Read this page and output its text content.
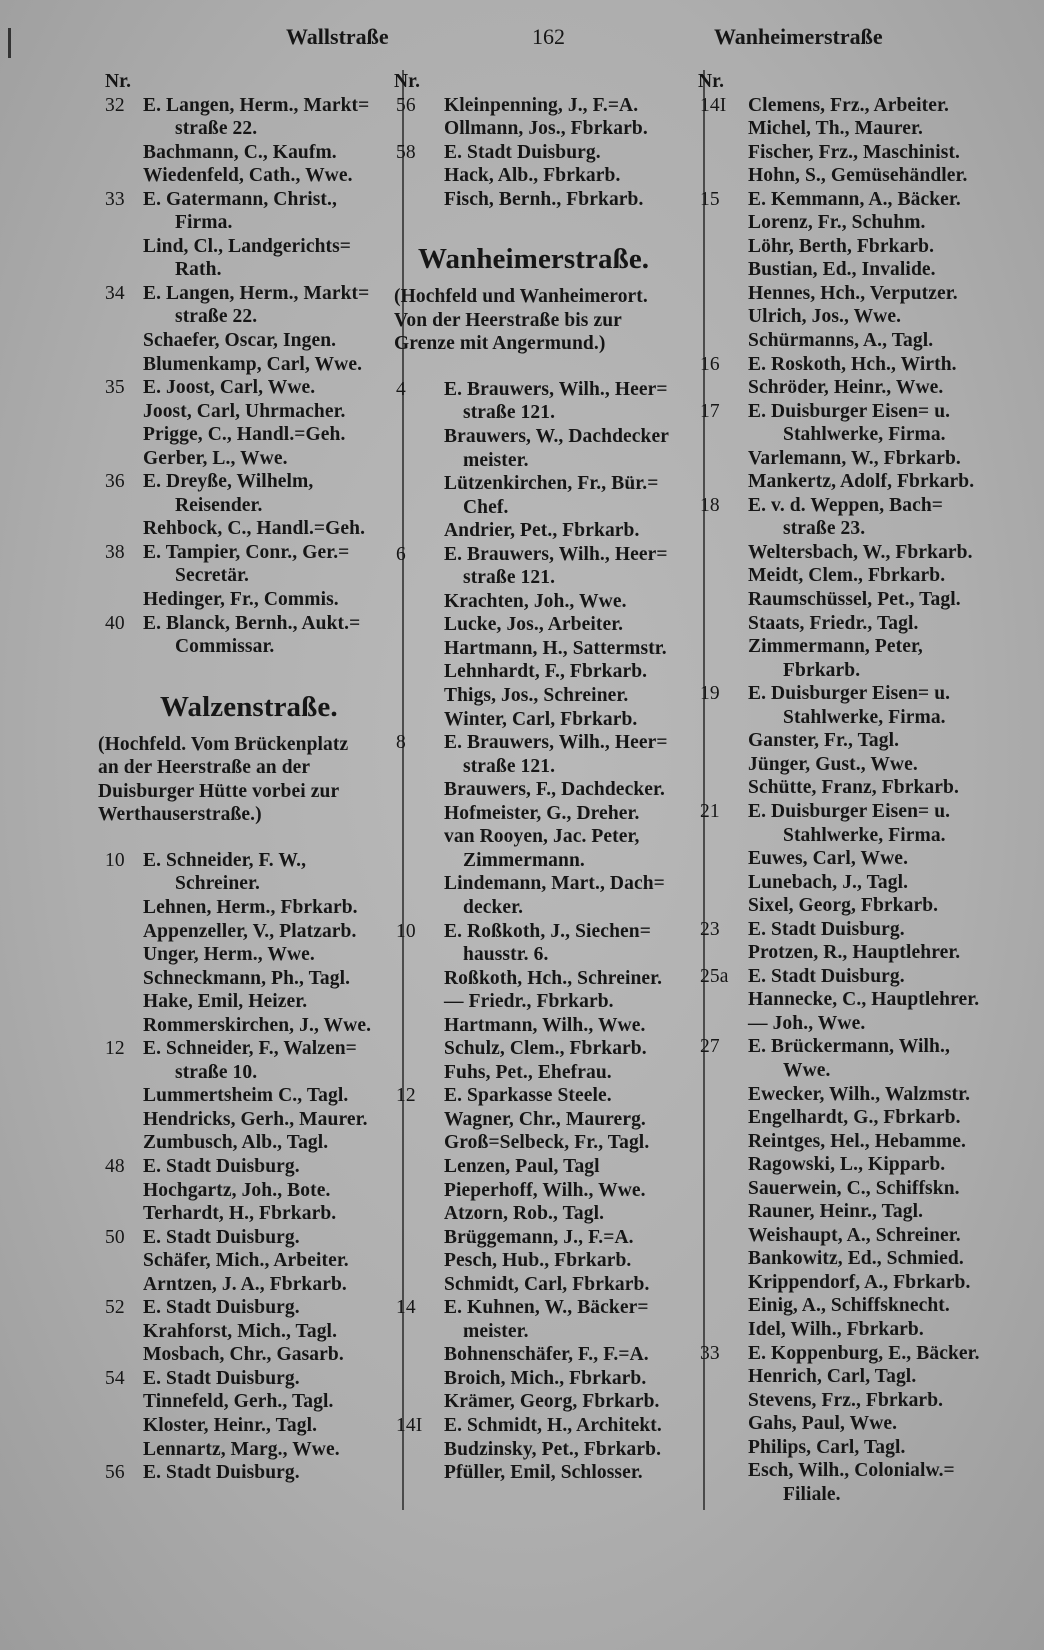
Wallstraße	162	Wanheimerstraße
Nr.
32 E. Langen, Herm., Markt=
straße 22.
Bachmann, C., Kaufm.
Wiedenfeld, Cath., Wwe.
33 E. Gatermann, Christ.,
Firma.
Lind, Cl., Landgerichts=
Rath.
34 E. Langen, Herm., Markt=
straße 22.
Schaefer, Oscar, Ingen.
Blumenkamp, Carl, Wwe.
35 E. Joost, Carl, Wwe.
Joost, Carl, Uhrmacher.
Prigge, C., Handl.=Geh.
Gerber, L., Wwe.
36 E. Dreyße, Wilhelm,
Reisender.
Rehbock, C., Handl.=Geh.
38 E. Tampier, Conr., Ger.=
Secretär.
Hedinger, Fr., Commis.
40 E. Blanck, Bernh., Aukt.=
Commissar.
Walzenstraße.
(Hochfeld. Vom Brückenplatz
an der Heerstraße an der
Duisburger Hütte vorbei zur
Werthauserstraße.)
10 E. Schneider, F. W.,
Schreiner.
Lehnen, Herm., Fbrkarb.
Appenzeller, V., Platzarb.
Unger, Herm., Wwe.
Schneckmann, Ph., Tagl.
Hake, Emil, Heizer.
Rommerskirchen, J., Wwe.
12 E. Schneider, F., Walzen=
straße 10.
Lummertsheim C., Tagl.
Hendricks, Gerh., Maurer.
Zumbusch, Alb., Tagl.
48 E. Stadt Duisburg.
Hochgartz, Joh., Bote.
Terhardt, H., Fbrkarb.
50 E. Stadt Duisburg.
Schäfer, Mich., Arbeiter.
Arntzen, J. A., Fbrkarb.
52 E. Stadt Duisburg.
Krahforst, Mich., Tagl.
Mosbach, Chr., Gasarb.
54 E. Stadt Duisburg.
Tinnefeld, Gerh., Tagl.
Kloster, Heinr., Tagl.
Lennartz, Marg., Wwe.
56 E. Stadt Duisburg.
Nr.
56 Kleinpenning, J., F.=A.
Ollmann, Jos., Fbrkarb.
58 E. Stadt Duisburg.
Hack, Alb., Fbrkarb.
Fisch, Bernh., Fbrkarb.
Wanheimerstraße.
(Hochfeld und Wanheimerort.
Von der Heerstraße bis zur
Grenze mit Angermund.)
4 E. Brauwers, Wilh., Heer=
straße 121.
Brauwers, W., Dachdecker
meister.
Lützenkirchen, Fr., Bür.=
Chef.
Andrier, Pet., Fbrkarb.
6 E. Brauwers, Wilh., Heer=
straße 121.
Krachten, Joh., Wwe.
Lucke, Jos., Arbeiter.
Hartmann, H., Sattermstr.
Lehnhardt, F., Fbrkarb.
Thigs, Jos., Schreiner.
Winter, Carl, Fbrkarb.
8 E. Brauwers, Wilh., Heer=
straße 121.
Brauwers, F., Dachdecker.
Hofmeister, G., Dreher.
van Rooyen, Jac. Peter,
Zimmermann.
Lindemann, Mart., Dach=
decker.
10 E. Roßkoth, J., Siechen=
hausstr. 6.
Roßkoth, Hch., Schreiner.
— Friedr., Fbrkarb.
Hartmann, Wilh., Wwe.
Schulz, Clem., Fbrkarb.
Fuhs, Pet., Ehefrau.
12 E. Sparkasse Steele.
Wagner, Chr., Maurerg.
Groß=Selbeck, Fr., Tagl.
Lenzen, Paul, Tagl
Pieperhoff, Wilh., Wwe.
Atzorn, Rob., Tagl.
Brüggemann, J., F.=A.
Pesch, Hub., Fbrkarb.
Schmidt, Carl, Fbrkarb.
14 E. Kuhnen, W., Bäcker=
meister.
Bohnenschäfer, F., F.=A.
Broich, Mich., Fbrkarb.
Krämer, Georg, Fbrkarb.
14I E. Schmidt, H., Architekt.
Budzinsky, Pet., Fbrkarb.
Pfüller, Emil, Schlosser.
Nr.
14I Clemens, Frz., Arbeiter.
Michel, Th., Maurer.
Fischer, Frz., Maschinist.
Hohn, S., Gemüsehändler.
15 E. Kemmann, A., Bäcker.
Lorenz, Fr., Schuhm.
Löhr, Berth, Fbrkarb.
Bustian, Ed., Invalide.
Hennes, Hch., Verputzer.
Ulrich, Jos., Wwe.
Schürmanns, A., Tagl.
16 E. Roskoth, Hch., Wirth.
Schröder, Heinr., Wwe.
17 E. Duisburger Eisen= u.
Stahlwerke, Firma.
Varlemann, W., Fbrkarb.
Mankertz, Adolf, Fbrkarb.
18 E. v. d. Weppen, Bach=
straße 23.
Weltersbach, W., Fbrkarb.
Meidt, Clem., Fbrkarb.
Raumschüssel, Pet., Tagl.
Staats, Friedr., Tagl.
Zimmermann, Peter,
Fbrkarb.
19 E. Duisburger Eisen= u.
Stahlwerke, Firma.
Ganster, Fr., Tagl.
Jünger, Gust., Wwe.
Schütte, Franz, Fbrkarb.
21 E. Duisburger Eisen= u.
Stahlwerke, Firma.
Euwes, Carl, Wwe.
Lunebach, J., Tagl.
Sixel, Georg, Fbrkarb.
23 E. Stadt Duisburg.
Protzen, R., Hauptlehrer.
25a E. Stadt Duisburg.
Hannecke, C., Hauptlehrer.
— Joh., Wwe.
27 E. Brückermann, Wilh.,
Wwe.
Ewecker, Wilh., Walzmstr.
Engelhardt, G., Fbrkarb.
Reintges, Hel., Hebamme.
Ragowski, L., Kipparb.
Sauerwein, C., Schiffskn.
Rauner, Heinr., Tagl.
Weishaupt, A., Schreiner.
Bankowitz, Ed., Schmied.
Krippendorf, A., Fbrkarb.
Einig, A., Schiffsknecht.
Idel, Wilh., Fbrkarb.
33 E. Koppenburg, E., Bäcker.
Henrich, Carl, Tagl.
Stevens, Frz., Fbrkarb.
Gahs, Paul, Wwe.
Philips, Carl, Tagl.
Esch, Wilh., Colonialw.=
Filiale.
